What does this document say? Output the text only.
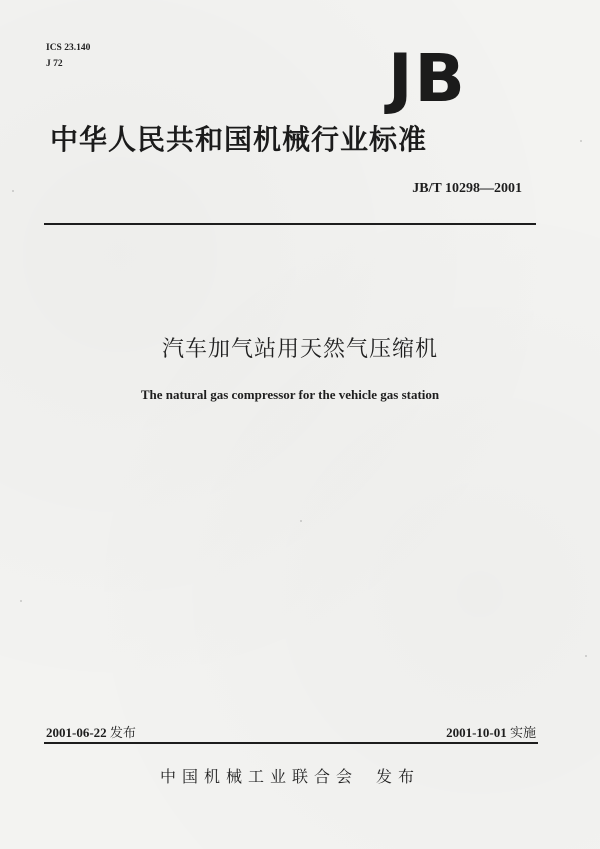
ICS 23.140
J 72	JB
中华人民共和国机械行业标准
JB/T 10298—2001
汽车加气站用天然气压缩机
The natural gas compressor for the vehicle gas station
2001-06-22 发布	2001-10-01 实施
中国机械工业联合会 发布
